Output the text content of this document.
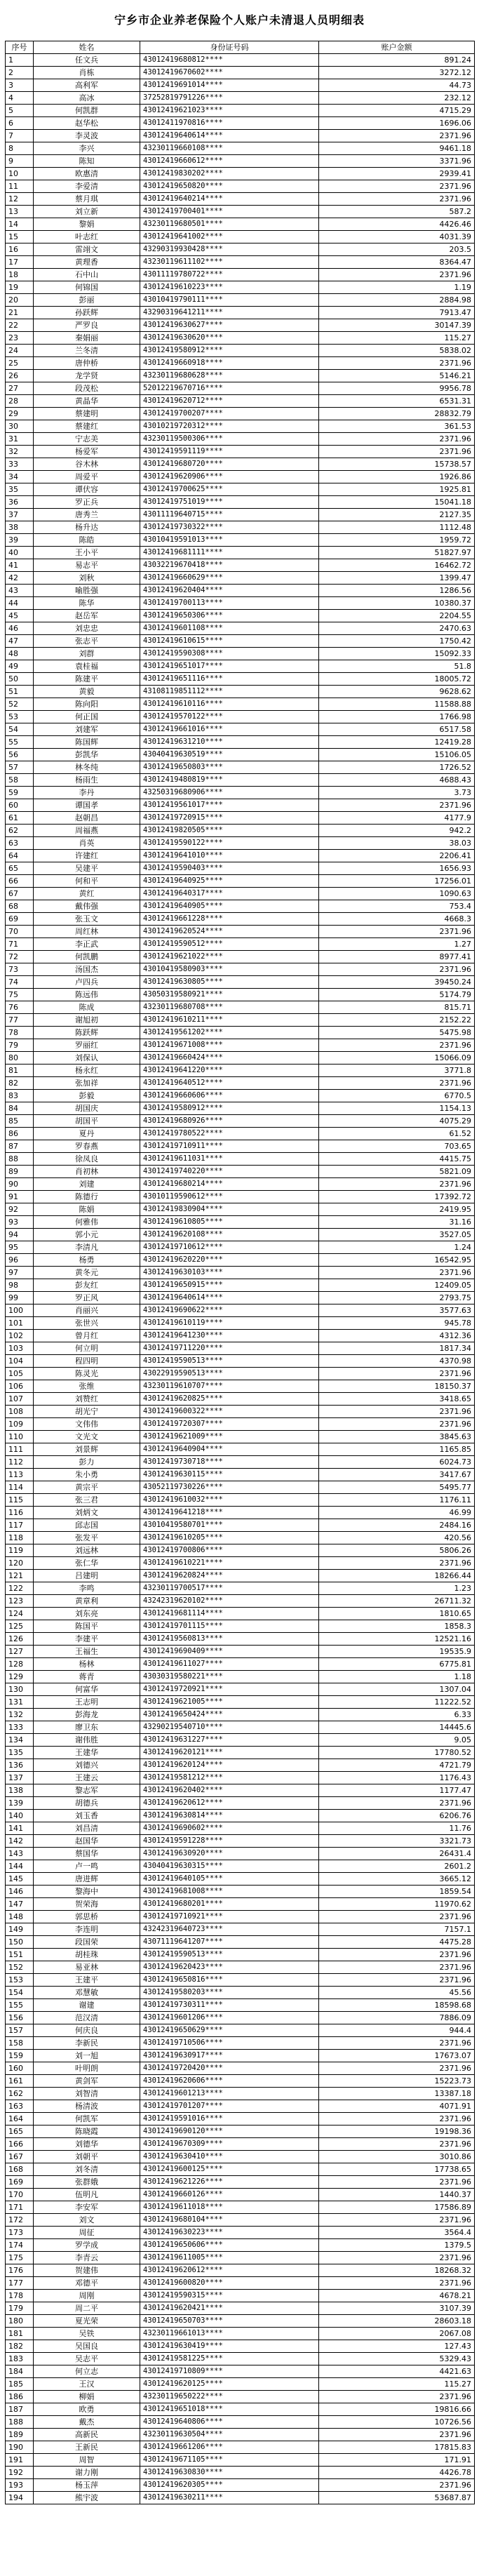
宁乡市企业养老保险个人账户未清退人员明细表
序号	姓名	身份证号码	账户金额
1	任文兵	43012419680812****	891.24
2	肖栋	43012419670602****	3272.12
3	高利军	43012419691014****	44.73
4	高冰	37252819791226****	232.12
5	何凯群	43012419621023****	4715.29
6	赵华松	43012411970816****	1696.06
7	李灵波	43012419640614****	2371.96
8	李兴	43230119660108****	9461.18
9	陈知	43012419660612****	3371.96
10	欧惠清	43012419830202****	2939.41
11	李爱清	43012419650820****	2371.96
12	蔡月琪	43012419640214****	2371.96
13	刘立新	43012419700401****	587.2
14	黎娟	43230119680501****	4426.46
15	叶志红	43012419641002****	4031.39
16	雷翊文	43290319930428****	203.5
17	黄理香	43230119611102****	8364.47
18	石中山	43011119780722****	2371.96
19	何锦国	43012419610223****	1.19
20	彭丽	43010419790111****	2884.98
21	孙跃辉	43290319641211****	7913.47
22	严罗良	43012419630627****	30147.39
23	秦娟丽	43012419630620****	115.27
24	兰冬清	43012419580912****	5838.02
25	唐仲桥	43012419660918****	2371.96
26	龙学贤	43230119680628****	5146.21
27	段茂松	52012219670716****	9956.78
28	黄晶华	43012419620712****	6531.31
29	蔡建明	43012419700207****	28832.79
30	蔡建红	43010219720312****	361.53
31	宁志美	43230119500306****	2371.96
32	杨爱军	43012419591119****	2371.96
33	谷木林	43012419680720****	15738.57
34	周爱平	43012419620906****	1926.86
35	谭伏容	43012419700625****	1925.81
36	罗正兵	43012419751019****	15041.18
37	唐秀兰	43011119640715****	2127.35
38	杨升达	43012419730322****	1112.48
39	陈皓	43010419591013****	1959.72
40	王小平	43012419681111****	51827.97
41	易志平	43032219670418****	16462.72
42	刘秋	43012419660629****	1399.47
43	喻胜强	43012419620404****	1286.56
44	陈华	43012419700113****	10380.37
45	赵岳军	43012419650306****	2204.55
46	刘忠忠	43012419601108****	2470.63
47	张志平	43012419610615****	1750.42
48	刘群	43012419590308****	15092.33
49	袁桂福	43012419651017****	51.8
50	陈建平	43012419651116****	18005.72
51	黄毅	43108119851112****	9628.62
52	陈向阳	43012419610116****	11588.88
53	何正国	43012419570122****	1766.98
54	刘建军	43012419661016****	6517.58
55	陈国辉	43012419631210****	12419.28
56	彭凯华	43040419630519****	15106.05
57	林冬纯	43012419650803****	1726.52
58	杨雨生	43012419480819****	4688.43
59	李丹	43250319680906****	3.73
60	谭国孝	43012419561017****	2371.96
61	赵朝昌	43012419720915****	4177.9
62	周福燕	43012419820505****	942.2
63	肖英	43012419590122****	38.03
64	许建红	43012419641010****	2206.41
65	吴建平	43012419590403****	1656.93
66	何和平	43012419640925****	17256.01
67	黄红	43012419640317****	1090.63
68	戴伟强	43012419640905****	753.4
69	张玉文	43012419661228****	4668.3
70	周红林	43012419620524****	2371.96
71	李正武	43012419590512****	1.27
72	何凯鹏	43012419621022****	8977.41
73	汤国杰	43010419580903****	2371.96
74	卢四兵	43012419630805****	39450.24
75	陈远伟	43050319580921****	5174.79
76	陈成	43230119680708****	815.71
77	谢旭初	43012419610211****	2152.22
78	陈跃辉	43012419561202****	5475.98
79	罗丽红	43012419671008****	2371.96
80	刘保认	43012419660424****	15066.09
81	杨永红	43012419641220****	3771.8
82	张加祥	43012419640512****	2371.96
83	彭毅	43012419660606****	6770.5
84	胡国庆	43012419580912****	1154.13
85	胡国平	43012419680926****	4075.29
86	夏丹	43012419780522****	61.52
87	罗春燕	43012419710911****	703.65
88	徐凤良	43012419611031****	4415.75
89	肖初林	43012419740220****	5821.09
90	刘建	43012419680214****	2371.96
91	陈德行	43010119590612****	17392.72
92	陈娟	43012419830904****	2419.95
93	何雅伟	43012419610805****	31.16
94	郭小元	43012419620108****	3527.05
95	李清凡	43012419710612****	1.24
96	杨勇	43012419620220****	16542.95
97	黄冬元	43012419630103****	2371.96
98	彭友红	43012419650915****	12409.05
99	罗正风	43012419640614****	2793.75
100	肖丽兴	43012419690622****	3577.63
101	张世兴	43012419610119****	945.78
102	曾月红	43012419641230****	4312.36
103	何立明	43012419711220****	1817.34
104	程四明	43012419590513****	4370.98
105	陈灵光	43022919590513****	2371.96
106	张维	43230119610707****	18150.37
107	刘赞红	43012419620825****	3418.65
108	胡光宁	43012419600322****	2371.96
109	文伟伟	43012419720307****	2371.96
110	文光文	43012419621009****	3845.63
111	刘景辉	43012419640904****	1165.85
112	彭力	43012419730718****	6024.73
113	朱小勇	43012419630115****	3417.67
114	黄宗平	43052119730226****	5495.77
115	张三君	43012419610032****	1176.11
116	刘炳文	43012419641218****	46.99
117	邱志国	43010419580701****	2484.16
118	张发平	43012419610205****	420.56
119	刘远林	43012419700806****	5806.26
120	张仁华	43012419610221****	2371.96
121	吕建明	43012419620824****	18266.44
122	李鸣	43230119700517****	1.23
123	黄章利	43242319620102****	26711.32
124	刘东亮	43012419681114****	1810.65
125	陈国平	43012419701115****	1858.3
126	李建平	43012419560813****	12521.16
127	王福生	43012419690409****	19535.9
128	杨林	43012419611027****	6775.81
129	蒋青	43030319580221****	1.18
130	何富华	43012419720921****	1307.04
131	王志明	43012419621005****	11222.52
132	彭海龙	43012419650424****	6.33
133	廖卫东	43290219540710****	14445.6
134	谢伟胜	43012419631227****	9.05
135	王建华	43012419620121****	17780.52
136	刘德兴	43012419620124****	4721.79
137	王建云	43012419581212****	1176.43
138	黎志军	43012419620402****	1177.47
139	胡德兵	43012419620612****	2371.96
140	刘玉香	43012419630814****	6206.76
141	刘昌清	43012419690602****	11.76
142	赵国华	43012419591228****	3321.73
143	蔡国华	43012419630920****	26431.4
144	卢一鸣	43040419630315****	2601.2
145	唐进辉	43012419640105****	3665.12
146	黎海中	43012419681008****	1859.54
147	贺荣海	43012419680201****	11970.62
148	郭思桥	43012419710921****	2371.96
149	李连明	43242319640723****	7157.1
150	段国荣	43071119641207****	4475.28
151	胡桂珠	43012419590513****	2371.96
152	易亚林	43012419620423****	2371.96
153	王建平	43012419650816****	2371.96
154	邓慧敏	43012419580203****	45.56
155	谢建	43012419730311****	18598.68
156	范汉清	43012419601206****	7886.09
157	何庆良	43012419650629****	944.4
158	李新民	43012419710506****	2371.96
159	刘一旭	43012419630917****	17673.07
160	叶明朗	43012419720420****	2371.96
161	黄剑军	43012419620606****	15223.73
162	刘智清	43012419601213****	13387.18
163	杨清波	43012419701207****	4071.91
164	何凯军	43012419591016****	2371.96
165	陈晓霞	43012419690120****	19198.36
166	刘德华	43012419670309****	2371.96
167	刘朝平	43012419630410****	3010.86
168	刘冬清	43012419600125****	17738.65
169	张群娥	43012419621226****	2371.96
170	伍明凡	43012419660126****	1440.37
171	李安军	43012419611018****	17586.89
172	刘文	43012419680104****	2371.96
173	周征	43012419630223****	3564.4
174	罗学成	43012419650606****	1379.5
175	李青云	43012419611005****	2371.96
176	贺建伟	43012419620612****	18268.32
177	邓德平	43012419600820****	2371.96
178	周刚	43012419590315****	4678.21
179	周二平	43012419620421****	3107.39
180	夏光荣	43012419650703****	28603.18
181	吴铁	43230119661013****	2067.08
182	吴国良	43012419630419****	127.43
183	吴志平	43012419581225****	5329.43
184	何立志	43012419710809****	4421.63
185	王汉	43012419620125****	115.27
186	柳娟	43230119650222****	2371.96
187	欧勇	43012419651018****	19816.66
188	戴杰	43012419640806****	10726.56
189	高新民	43230119630504****	2371.96
190	王新民	43012419661206****	17815.83
191	周智	43012419671105****	171.91
192	谢力刚	43012419630830****	4426.78
193	杨玉萍	43012419620305****	2371.96
194	熊宇波	43012419630211****	53687.87
